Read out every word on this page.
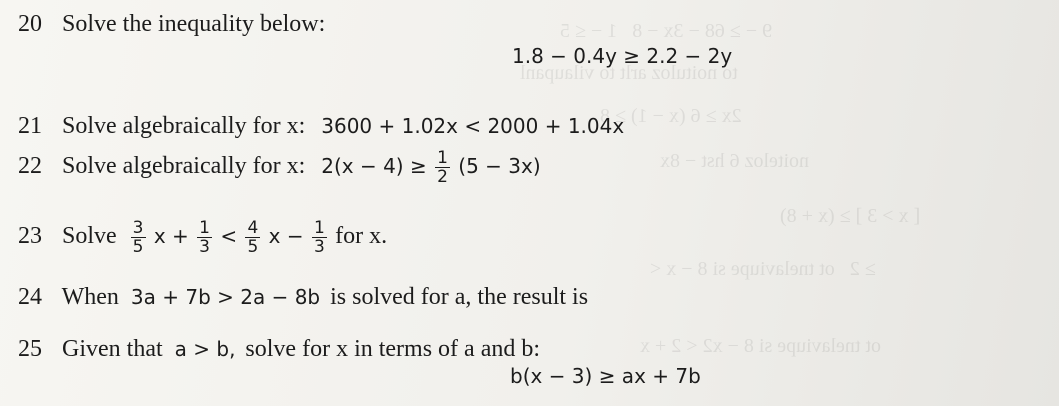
9 − ≥ 68 − 3x − 8   1 − ≤ 5
to noituloz arlt to vilaupanl
2x ≥ 6 (x − 1) ≥ 8
noiteloz 6 hst − 8x
[ x > 3 ] ≥ (x + 8)
≥ 2   ot tnelaviupe si 8 − x <
ot tnelaviupe si 8 − x2 < 2 + x
20 Solve the inequality below:
1.8 − 0.4y ≥ 2.2 − 2y
21 Solve algebraically for x: 3600 + 1.02x < 2000 + 1.04x
22 Solve algebraically for x: $2(x - 4) \ge \frac{1}{2} (5 - 3x)$
23 Solve $\frac{3}{5}$ $x + \frac{1}{3} < \frac{4}{5}$ $x - \frac{1}{3}$ for x.
24 When 3a + 7b > 2a − 8b is solved for a, the result is
25 Given that a > b, solve for x in terms of a and b:
b(x − 3) ≥ ax + 7b
